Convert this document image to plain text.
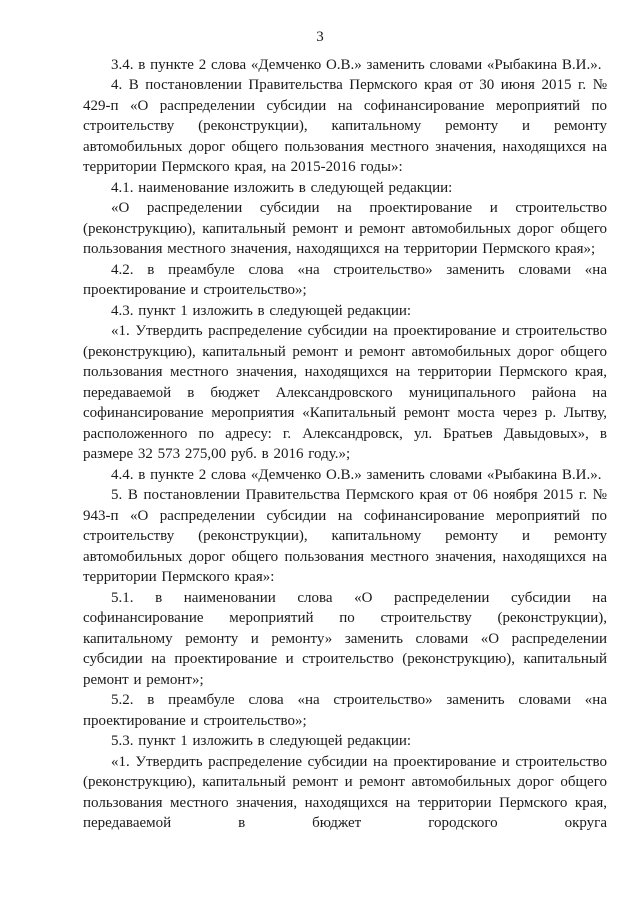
3

3.4. в пункте 2 слова «Демченко О.В.» заменить словами «Рыбакина В.И.».

4. В постановлении Правительства Пермского края от 30 июня 2015 г. № 429-п «О распределении субсидии на софинансирование мероприятий по строительству (реконструкции), капитальному ремонту и ремонту автомобильных дорог общего пользования местного значения, находящихся на территории Пермского края, на 2015-2016 годы»:

4.1. наименование изложить в следующей редакции:

«О распределении субсидии на проектирование и строительство (реконструкцию), капитальный ремонт и ремонт автомобильных дорог общего пользования местного значения, находящихся на территории Пермского края»;

4.2. в преамбуле слова «на строительство» заменить словами «на проектирование и строительство»;

4.3. пункт 1 изложить в следующей редакции:

«1. Утвердить распределение субсидии на проектирование и строительство (реконструкцию), капитальный ремонт и ремонт автомобильных дорог общего пользования местного значения, находящихся на территории Пермского края, передаваемой в бюджет Александровского муниципального района на софинансирование мероприятия «Капитальный ремонт моста через р. Лытву, расположенного по адресу: г. Александровск, ул. Братьев Давыдовых», в размере 32 573 275,00 руб. в 2016 году.»;

4.4. в пункте 2 слова «Демченко О.В.» заменить словами «Рыбакина В.И.».

5. В постановлении Правительства Пермского края от 06 ноября 2015 г. № 943-п «О распределении субсидии на софинансирование мероприятий по строительству (реконструкции), капитальному ремонту и ремонту автомобильных дорог общего пользования местного значения, находящихся на территории Пермского края»:

5.1. в наименовании слова «О распределении субсидии на софинансирование мероприятий по строительству (реконструкции), капитальному ремонту и ремонту» заменить словами «О распределении субсидии на проектирование и строительство (реконструкцию), капитальный ремонт и ремонт»;

5.2. в преамбуле слова «на строительство» заменить словами «на проектирование и строительство»;

5.3. пункт 1 изложить в следующей редакции:

«1. Утвердить распределение субсидии на проектирование и строительство (реконструкцию), капитальный ремонт и ремонт автомобильных дорог общего пользования местного значения, находящихся на территории Пермского края, передаваемой в бюджет городского округа
